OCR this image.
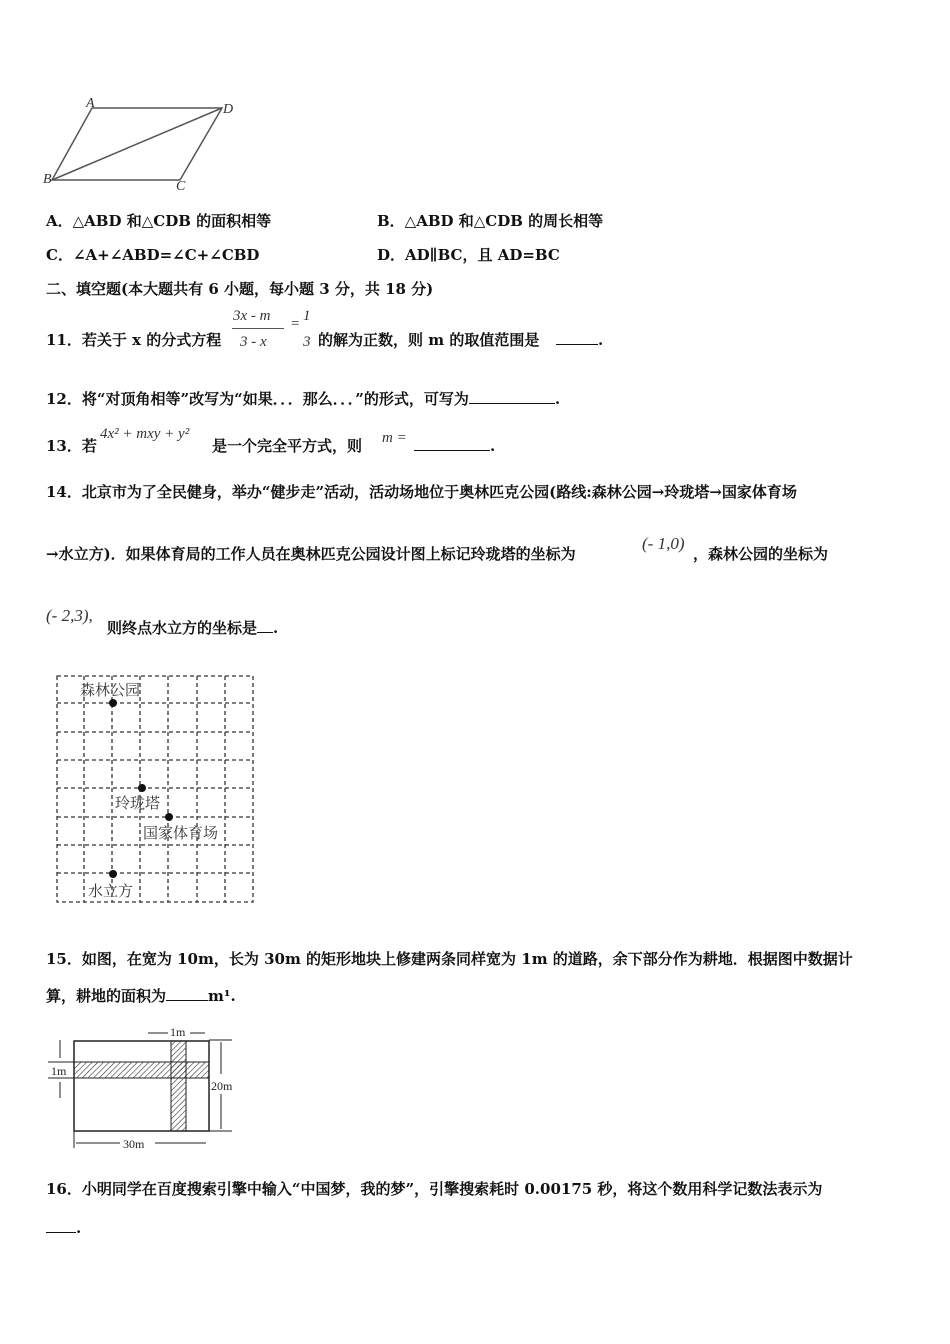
A
B	C
D
森林公园
玲珑塔
国家体育场
水立方
1m
1m
20m
30m
A．△ABD 和△CDB 的面积相等	B．△ABD 和△CDB 的周长相等
C．∠A+∠ABD=∠C+∠CBD	D．AD∥BC，且 AD=BC
二、填空题(本大题共有 6 小题，每小题 3 分，共 18 分)
11．若关于 x 的分式方程
3x - m
3 - x
= 1
3 的解为正数，则 m 的取值范围是	.
12．将“对顶角相等”改写为“如果．．．那么．．．”的形式，可写为	.
13．若
4x² + mxy + y²
是一个完全平方式，则 m =	.
14．北京市为了全民健身，举办“健步走”活动，活动场地位于奥林匹克公园(路线:森林公园→玲珑塔→国家体育场
→水立方)．如果体育局的工作人员在奥林匹克公园设计图上标记玲珑塔的坐标为
(- 1,0)
，森林公园的坐标为
(- 2,3),
则终点水立方的坐标是 .
15．如图，在宽为 10m，长为 30m 的矩形地块上修建两条同样宽为 1m 的道路，余下部分作为耕地．根据图中数据计
算，耕地的面积为	m¹.
16．小明同学在百度搜索引擎中输入“中国梦，我的梦”，引擎搜索耗时 0.00175 秒，将这个数用科学记数法表示为
.
